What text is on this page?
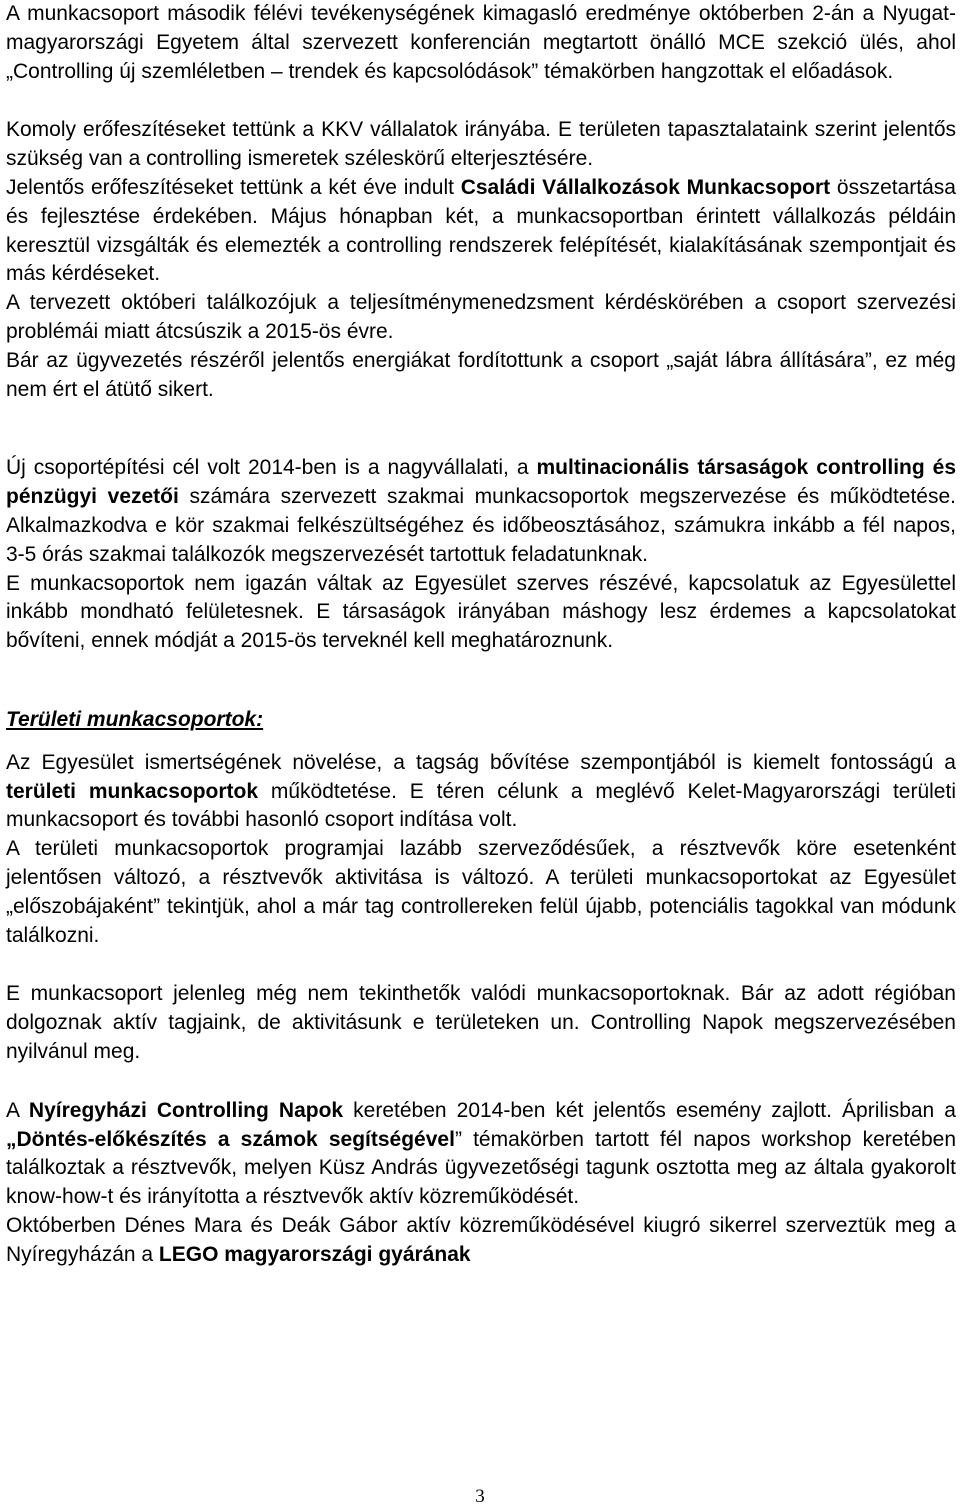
A munkacsoport második félévi tevékenységének kimagasló eredménye októberben 2-án a Nyugat-magyarországi Egyetem által szervezett konferencián megtartott önálló MCE szekció ülés, ahol „Controlling új szemléletben – trendek és kapcsolódások” témakörben hangzottak el előadások.

Komoly erőfeszítéseket tettünk a KKV vállalatok irányába. E területen tapasztalataink szerint jelentős szükség van a controlling ismeretek széleskörű elterjesztésére.

Jelentős erőfeszítéseket tettünk a két éve indult Családi Vállalkozások Munkacsoport összetartása és fejlesztése érdekében. Május hónapban két, a munkacsoportban érintett vállalkozás példáin keresztül vizsgálták és elemezték a controlling rendszerek felépítését, kialakításának szempontjait és más kérdéseket.

A tervezett októberi találkozójuk a teljesítménymenedzsment kérdéskörében a csoport szervezési problémái miatt átcsúszik a 2015-ös évre.

Bár az ügyvezetés részéről jelentős energiákat fordítottunk a csoport „saját lábra állítására”, ez még nem ért el átütő sikert.

Új csoportépítési cél volt 2014-ben is a nagyvállalati, a multinacionális társaságok controlling és pénzügyi vezetői számára szervezett szakmai munkacsoportok megszervezése és működtetése. Alkalmazkodva e kör szakmai felkészültségéhez és időbeosztásához, számukra inkább a fél napos, 3-5 órás szakmai találkozók megszervezését tartottuk feladatunknak.

E munkacsoportok nem igazán váltak az Egyesület szerves részévé, kapcsolatuk az Egyesülettel inkább mondható felületesnek. E társaságok irányában máshogy lesz érdemes a kapcsolatokat bővíteni, ennek módját a 2015-ös terveknél kell meghatároznunk.

Területi munkacsoportok:

Az Egyesület ismertségének növelése, a tagság bővítése szempontjából is kiemelt fontosságú a területi munkacsoportok működtetése. E téren célunk a meglévő Kelet-Magyarországi területi munkacsoport és további hasonló csoport indítása volt.

A területi munkacsoportok programjai lazább szerveződésűek, a résztvevők köre esetenként jelentősen változó, a résztvevők aktivitása is változó. A területi munkacsoportokat az Egyesület „előszobájaként” tekintjük, ahol a már tag controllereken felül újabb, potenciális tagokkal van módunk találkozni.

E munkacsoport jelenleg még nem tekinthetők valódi munkacsoportoknak. Bár az adott régióban dolgoznak aktív tagjaink, de aktivitásunk e területeken un. Controlling Napok megszervezésében nyilvánul meg.

A Nyíregyházi Controlling Napok keretében 2014-ben két jelentős esemény zajlott. Áprilisban a „Döntés-előkészítés a számok segítségével” témakörben tartott fél napos workshop keretében találkoztak a résztvevők, melyen Küsz András ügyvezetőségi tagunk osztotta meg az általa gyakorolt know-how-t és irányította a résztvevők aktív közreműködését.

Októberben Dénes Mara és Deák Gábor aktív közreműködésével kiugró sikerrel szerveztük meg a Nyíregyházán a LEGO magyarországi gyárának

3
